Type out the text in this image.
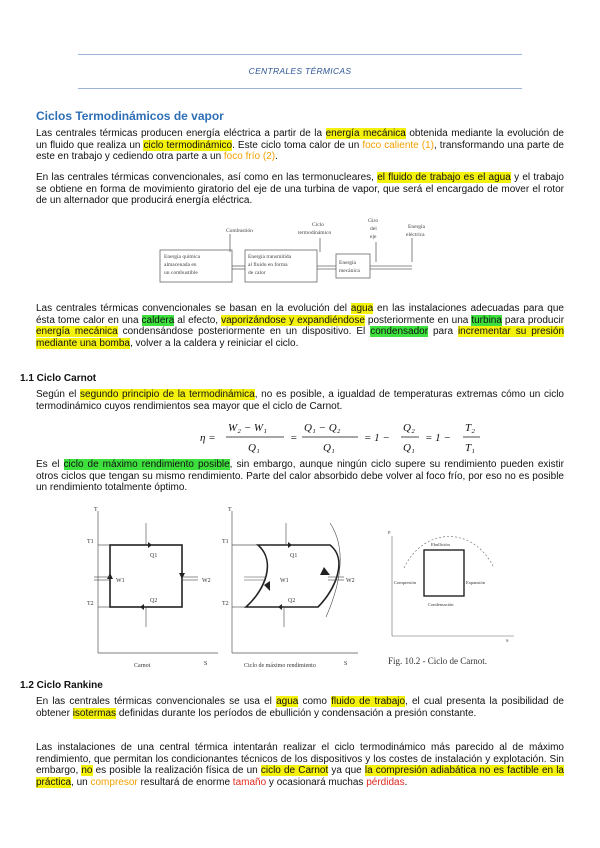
CENTRALES TÉRMICAS
Ciclos Termodinámicos de vapor

Las centrales térmicas producen energía eléctrica a partir de la energía mecánica obtenida mediante la evolución de un fluido que realiza un ciclo termodinámico. Este ciclo toma calor de un foco caliente (1), transformando una parte de este en trabajo y cediendo otra parte a un foco frío (2).

En las centrales térmicas convencionales, así como en las termonucleares, el fluido de trabajo es el agua y el trabajo se obtiene en forma de movimiento giratorio del eje de una turbina de vapor, que será el encargado de mover el rotor de un alternador que producirá energía eléctrica.

Energía química
almacenada en
un combustible
Energía transmitida
al fluido en forma
de calor
Energía
mecánica
Combustión
Ciclo
termodinámico
Giro
del
eje
Energía
eléctrica

Las centrales térmicas convencionales se basan en la evolución del agua en las instalaciones adecuadas para que ésta tome calor en una caldera al efecto, vaporizándose y expandiéndose posteriormente en una turbina para producir energía mecánica condensándose posteriormente en un dispositivo. El condensador para incrementar su presión mediante una bomba, volver a la caldera y reiniciar el ciclo.

1.1 Ciclo Carnot

Según el segundo principio de la termodinámica, no es posible, a igualdad de temperaturas extremas cómo un ciclo termodinámico cuyos rendimientos sea mayor que el ciclo de Carnot.

η =
W₂ − W₁
Q₁
=
Q₁ − Q₂
Q₁
= 1 −
Q₂
Q₁
= 1 −
T₂
T₁

Es el ciclo de máximo rendimiento posible, sin embargo, aunque ningún ciclo supere su rendimiento pueden existir otros ciclos que tengan su mismo rendimiento. Parte del calor absorbido debe volver al foco frío, por eso no es posible un rendimiento totalmente óptimo.

T
S
T1
T2
Q1
Q2
W1	W2
Carnot
T
S
T1
T2
Q1
Q2
W1	W2
Ciclo de máximo rendimiento
Ebullición
Compresión	Expansión
Condensación
P
S
Fig. 10.2 - Ciclo de Carnot.
1.2 Ciclo Rankine

En las centrales térmicas convencionales se usa el agua como fluido de trabajo, el cual presenta la posibilidad de obtener isotermas definidas durante los períodos de ebullición y condensación a presión constante.

Las instalaciones de una central térmica intentarán realizar el ciclo termodinámico más parecido al de máximo rendimiento, que permitan los condicionantes técnicos de los dispositivos y los costes de instalación y explotación. Sin embargo, no es posible la realización física de un ciclo de Carnot ya que la compresión adiabática no es factible en la práctica, un compresor resultará de enorme tamaño y ocasionará muchas pérdidas.
